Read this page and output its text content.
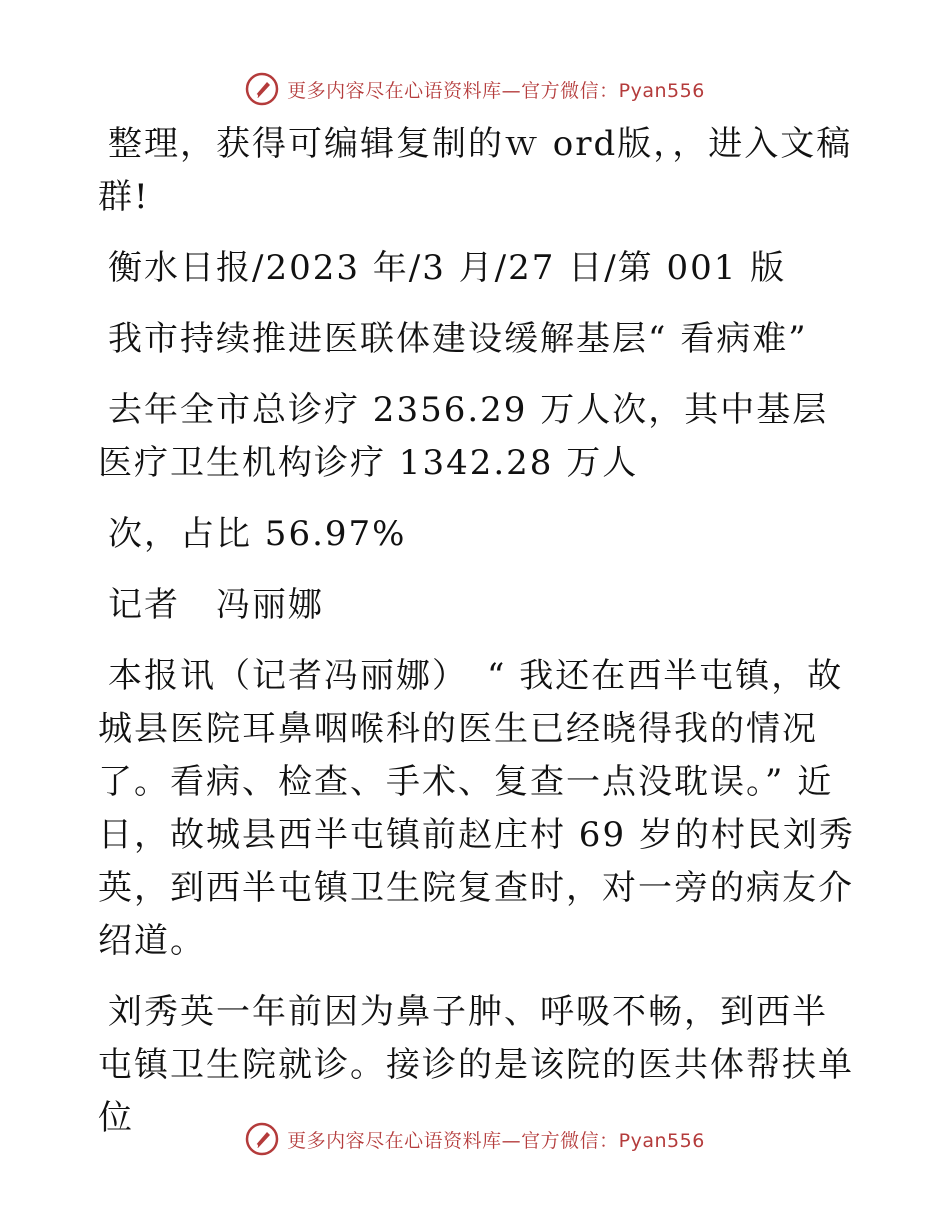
更多内容尽在心语资料库—官方微信：Pyan556

整理，获得可编辑复制的ｗ ord版，，进入文稿群!

衡水日报/2023 年/3 月/27 日/第 001 版

我市持续推进医联体建设缓解基层“ 看病难”

去年全市总诊疗 2356.29 万人次，其中基层医疗卫生机构诊疗 1342.28 万人

次，占比 56.97%

记者　冯丽娜

本报讯（记者冯丽娜）　“ 我还在西半屯镇，故城县医院耳鼻咽喉科的医生已经晓得我的情况了。看病、检查、手术、复查一点没耽误。” 近日，故城县西半屯镇前赵庄村 69 岁的村民刘秀英，到西半屯镇卫生院复查时，对一旁的病友介绍道。

刘秀英一年前因为鼻子肿、呼吸不畅，到西半屯镇卫生院就诊。接诊的是该院的医共体帮扶单位

更多内容尽在心语资料库—官方微信：Pyan556
